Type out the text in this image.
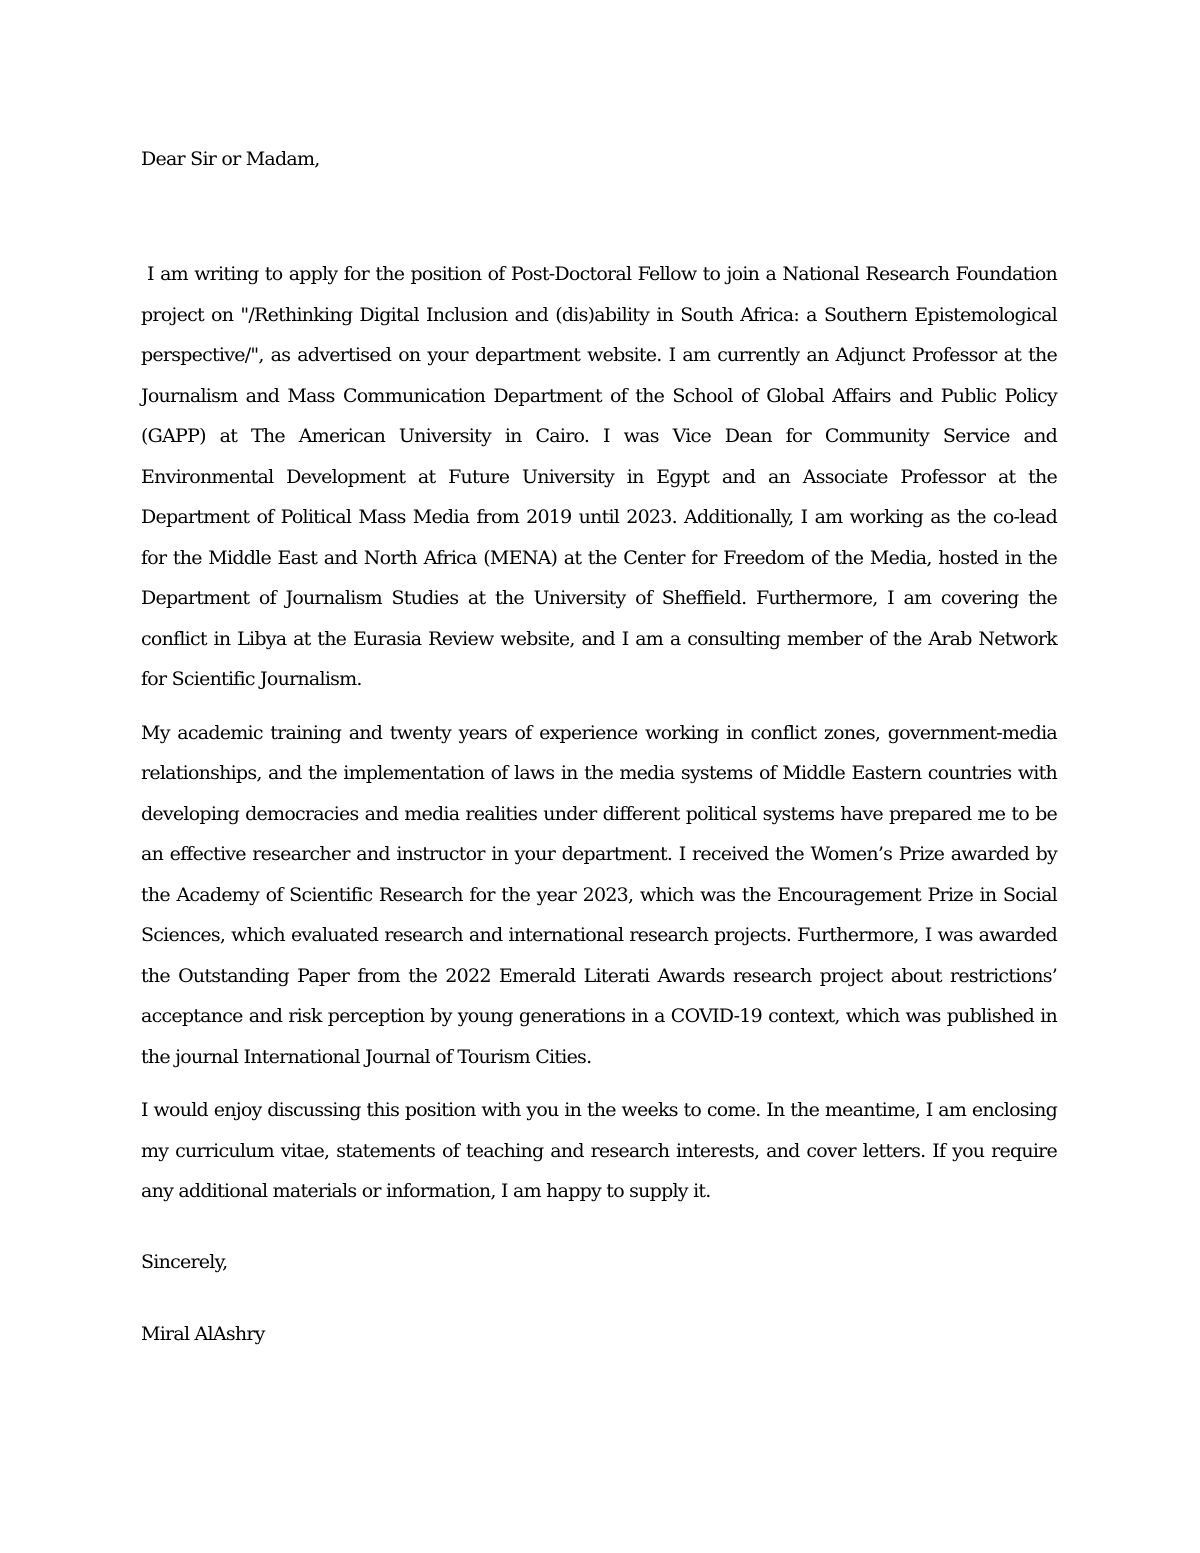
Dear Sir or Madam,

I am writing to apply for the position of Post-Doctoral Fellow to join a National Research Foundation project on "/Rethinking Digital Inclusion and (dis)ability in South Africa: a Southern Epistemological perspective/", as advertised on your department website. I am currently an Adjunct Professor at the Journalism and Mass Communication Department of the School of Global Affairs and Public Policy (GAPP) at The American University in Cairo. I was Vice Dean for Community Service and Environmental Development at Future University in Egypt and an Associate Professor at the Department of Political Mass Media from 2019 until 2023. Additionally, I am working as the co-lead for the Middle East and North Africa (MENA) at the Center for Freedom of the Media, hosted in the Department of Journalism Studies at the University of Sheffield. Furthermore, I am covering the conflict in Libya at the Eurasia Review website, and I am a consulting member of the Arab Network for Scientific Journalism.

My academic training and twenty years of experience working in conflict zones, government-media relationships, and the implementation of laws in the media systems of Middle Eastern countries with developing democracies and media realities under different political systems have prepared me to be an effective researcher and instructor in your department. I received the Women’s Prize awarded by the Academy of Scientific Research for the year 2023, which was the Encouragement Prize in Social Sciences, which evaluated research and international research projects. Furthermore, I was awarded the Outstanding Paper from the 2022 Emerald Literati Awards research project about restrictions’ acceptance and risk perception by young generations in a COVID-19 context, which was published in the journal International Journal of Tourism Cities.

I would enjoy discussing this position with you in the weeks to come. In the meantime, I am enclosing my curriculum vitae, statements of teaching and research interests, and cover letters. If you require any additional materials or information, I am happy to supply it.

Sincerely,

Miral AlAshry
